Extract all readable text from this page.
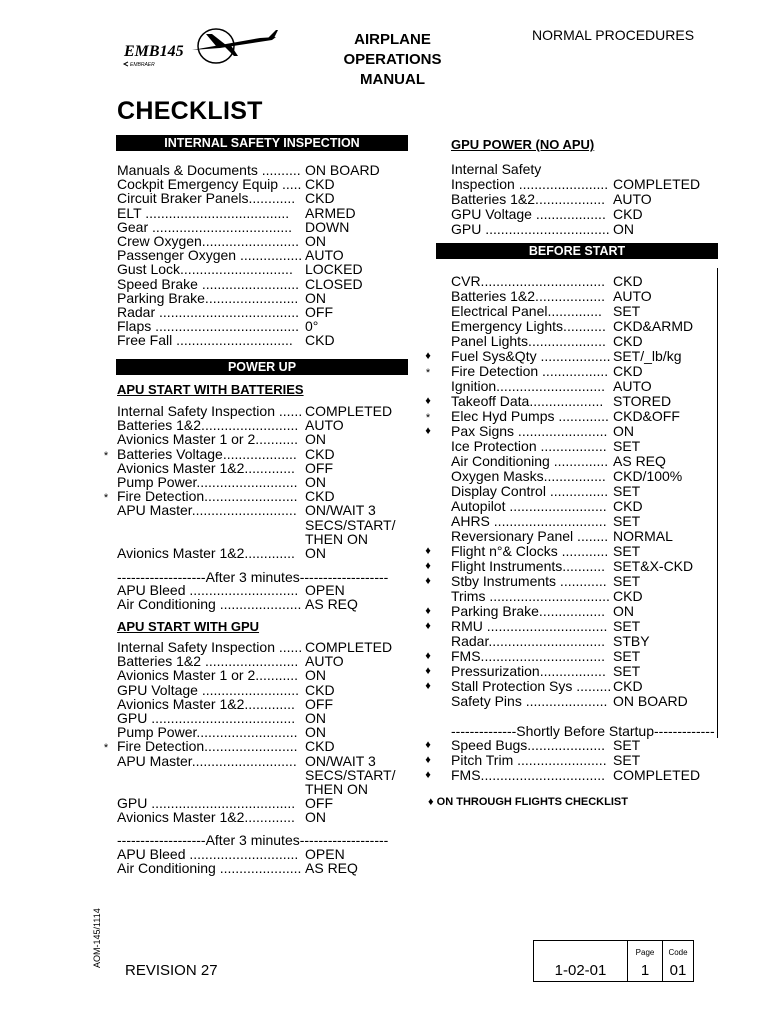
EMB145
EMBRAER
AIRPLANE
OPERATIONS
MANUAL
NORMAL PROCEDURES
CHECKLIST
INTERNAL SAFETY INSPECTION
Manuals & Documents .......... ON BOARD
Cockpit Emergency Equip ..... CKD
Circuit Braker Panels............ CKD
ELT .....................................	ARMED
Gear .................................... DOWN
Crew Oxygen......................... ON
Passenger Oxygen ................ AUTO
Gust Lock............................. LOCKED
Speed Brake ......................... CLOSED
Parking Brake........................ ON
Radar .................................... OFF
Flaps ..................................... 0°
Free Fall .............................. CKD
POWER UP
APU START WITH BATTERIES
Internal Safety Inspection ...... COMPLETED
Batteries 1&2......................... AUTO
Avionics Master 1 or 2........... ON
* Batteries Voltage................... CKD
Avionics Master 1&2............. OFF
Pump Power.......................... ON
* Fire Detection........................ CKD
APU Master........................... ON/WAIT 3
SECS/START/
THEN ON
Avionics Master 1&2............. ON
-------------------After 3 minutes-------------------
APU Bleed ............................ OPEN
Air Conditioning ..................... AS REQ
APU START WITH GPU
Internal Safety Inspection ...... COMPLETED
Batteries 1&2 ........................ AUTO
Avionics Master 1 or 2........... ON
GPU Voltage ......................... CKD
Avionics Master 1&2............. OFF
GPU ..................................... ON
Pump Power.......................... ON
* Fire Detection........................ CKD
APU Master........................... ON/WAIT 3
SECS/START/
THEN ON
GPU ..................................... OFF
Avionics Master 1&2............. ON
-------------------After 3 minutes-------------------
APU Bleed ............................ OPEN
Air Conditioning ..................... AS REQ
GPU POWER (NO APU)
Internal Safety
Inspection ....................... COMPLETED
Batteries 1&2.................. AUTO
GPU Voltage .................. CKD
GPU ................................ ON
BEFORE START
CVR................................ CKD
Batteries 1&2.................. AUTO
Electrical Panel.............. SET
Emergency Lights........... CKD&ARMD
Panel Lights.................... CKD
♦ Fuel Sys&Qty .................. SET/_lb/kg
* Fire Detection ................. CKD
Ignition............................ AUTO
♦ Takeoff Data................... STORED
* Elec Hyd Pumps ............. CKD&OFF
♦ Pax Signs ....................... ON
Ice Protection ................. SET
Air Conditioning .............. AS REQ
Oxygen Masks................ CKD/100%
Display Control ............... SET
Autopilot ......................... CKD
AHRS ............................. SET
Reversionary Panel ........ NORMAL
♦ Flight n°& Clocks ............ SET
♦ Flight Instruments........... SET&X-CKD
♦ Stby Instruments ............ SET
Trims ............................... CKD
♦ Parking Brake................. ON
♦ RMU ............................... SET
Radar.............................. STBY
♦ FMS................................ SET
♦ Pressurization................. SET
♦ Stall Protection Sys ......... CKD
Safety Pins ..................... ON BOARD
--------------Shortly Before Startup-------------
♦ Speed Bugs.................... SET
♦ Pitch Trim ....................... SET
♦ FMS................................ COMPLETED
♦ ON THROUGH FLIGHTS CHECKLIST
AOM-145/1114
REVISION 27	1-02-01
Page
1
Code
01
